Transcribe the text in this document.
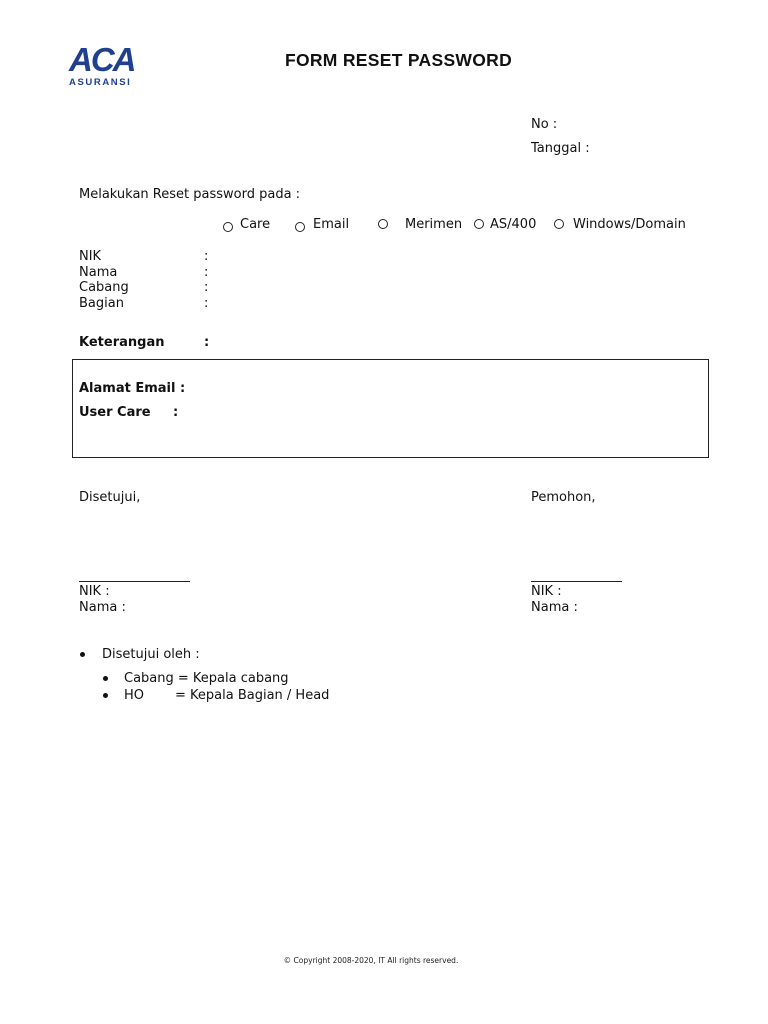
ACA
ASURANSI
FORM RESET PASSWORD
No :
Tanggal :
Melakukan Reset password pada :
Care	Email	Merimen AS/400	Windows/Domain
NIK	:
Nama	:
Cabang	:
Bagian	:
Keterangan	:
Alamat Email :
User Care :
Disetujui,	Pemohon,
NIK :
Nama :
NIK :
Nama :
Disetujui oleh :
Cabang = Kepala cabang
HO = Kepala Bagian / Head
© Copyright 2008-2020, IT All rights reserved.
